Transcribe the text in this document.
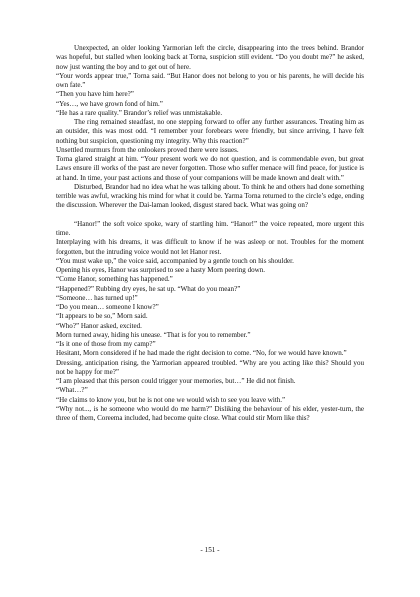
Unexpected, an older looking Yarmorian left the circle, disappearing into the trees behind. Brandor was hopeful, but stalled when looking back at Torna, suspicion still evident. “Do you doubt me?” he asked, now just wanting the boy and to get out of here.

“Your words appear true,” Torna said. “But Hanor does not belong to you or his parents, he will decide his own fate.”

“Then you have him here?”

“Yes…, we have grown fond of him.”

“He has a rare quality.” Brandor’s relief was unmistakable.

The ring remained steadfast, no one stepping forward to offer any further assurances. Treating him as an outsider, this was most odd. “I remember your forebears were friendly, but since arriving, I have felt nothing but suspicion, questioning my integrity. Why this reaction?”

Unsettled murmurs from the onlookers proved there were issues.

Torna glared straight at him. “Your present work we do not question, and is commendable even, but great Laws ensure ill works of the past are never forgotten. Those who suffer menace will find peace, for justice is at hand. In time, your past actions and those of your companions will be made known and dealt with.”

Disturbed, Brandor had no idea what he was talking about. To think he and others had done something terrible was awful, wracking his mind for what it could be. Yarma Torna returned to the circle’s edge, ending the discussion. Wherever the Dai-laman looked, disgust stared back. What was going on?

“Hanor!” the soft voice spoke, wary of startling him. “Hanor!” the voice repeated, more urgent this time.

Interplaying with his dreams, it was difficult to know if he was asleep or not. Troubles for the moment forgotten, but the intruding voice would not let Hanor rest.

“You must wake up,” the voice said, accompanied by a gentle touch on his shoulder.

Opening his eyes, Hanor was surprised to see a hasty Morn peering down.

“Come Hanor, something has happened.”

“Happened?” Rubbing dry eyes, he sat up. “What do you mean?”

“Someone… has turned up!”

“Do you mean… someone I know?”

“It appears to be so,” Morn said.

“Who?” Hanor asked, excited.

Morn turned away, hiding his unease. “That is for you to remember.”

“Is it one of those from my camp?”

Hesitant, Morn considered if he had made the right decision to come. “No, for we would have known.”

Dressing, anticipation rising, the Yarmorian appeared troubled. “Why are you acting like this? Should you not be happy for me?”

“I am pleased that this person could trigger your memories, but…” He did not finish.

“What…?”

“He claims to know you, but he is not one we would wish to see you leave with.”

“Why not..., is he someone who would do me harm?” Disliking the behaviour of his elder, yester-turn, the three of them, Coreema included, had become quite close. What could stir Morn like this?

- 151 -
